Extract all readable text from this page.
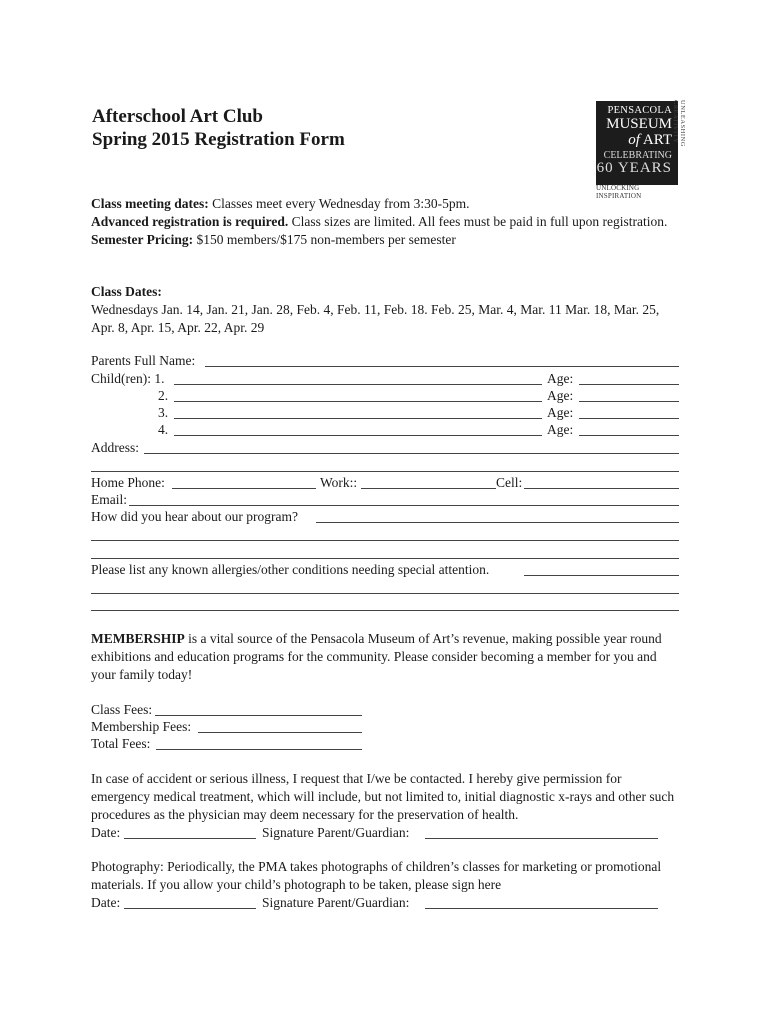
Afterschool Art Club
Spring 2015 Registration Form
PENSACOLA
MUSEUM
of ART
CELEBRATING
60 YEARS
UNLOCKING INSPIRATION
UNLEASHING CREATIVITY
Class meeting dates: Classes meet every Wednesday from 3:30-5pm.
Advanced registration is required. Class sizes are limited. All fees must be paid in full upon registration.
Semester Pricing: $150 members/$175 non-members per semester
Class Dates:
Wednesdays Jan. 14, Jan. 21, Jan. 28, Feb. 4, Feb. 11, Feb. 18. Feb. 25, Mar. 4, Mar. 11 Mar. 18, Mar. 25, Apr. 8, Apr. 15, Apr. 22, Apr. 29
Parents Full Name:
Child(ren): 1.	Age:
2.	Age:
3.	Age:
4.	Age:
Address:
Home Phone:	Work::	Cell:
Email:
How did you hear about our program?
Please list any known allergies/other conditions needing special attention.
MEMBERSHIP is a vital source of the Pensacola Museum of Art’s revenue, making possible year round exhibitions and education programs for the community. Please consider becoming a member for you and your family today!
Class Fees:
Membership Fees:
Total Fees:
In case of accident or serious illness, I request that I/we be contacted. I hereby give permission for emergency medical treatment, which will include, but not limited to, initial diagnostic x-rays and other such procedures as the physician may deem necessary for the preservation of health.
Date:	Signature Parent/Guardian:
Photography: Periodically, the PMA takes photographs of children’s classes for marketing or promotional materials. If you allow your child’s photograph to be taken, please sign here
Date:	Signature Parent/Guardian:
